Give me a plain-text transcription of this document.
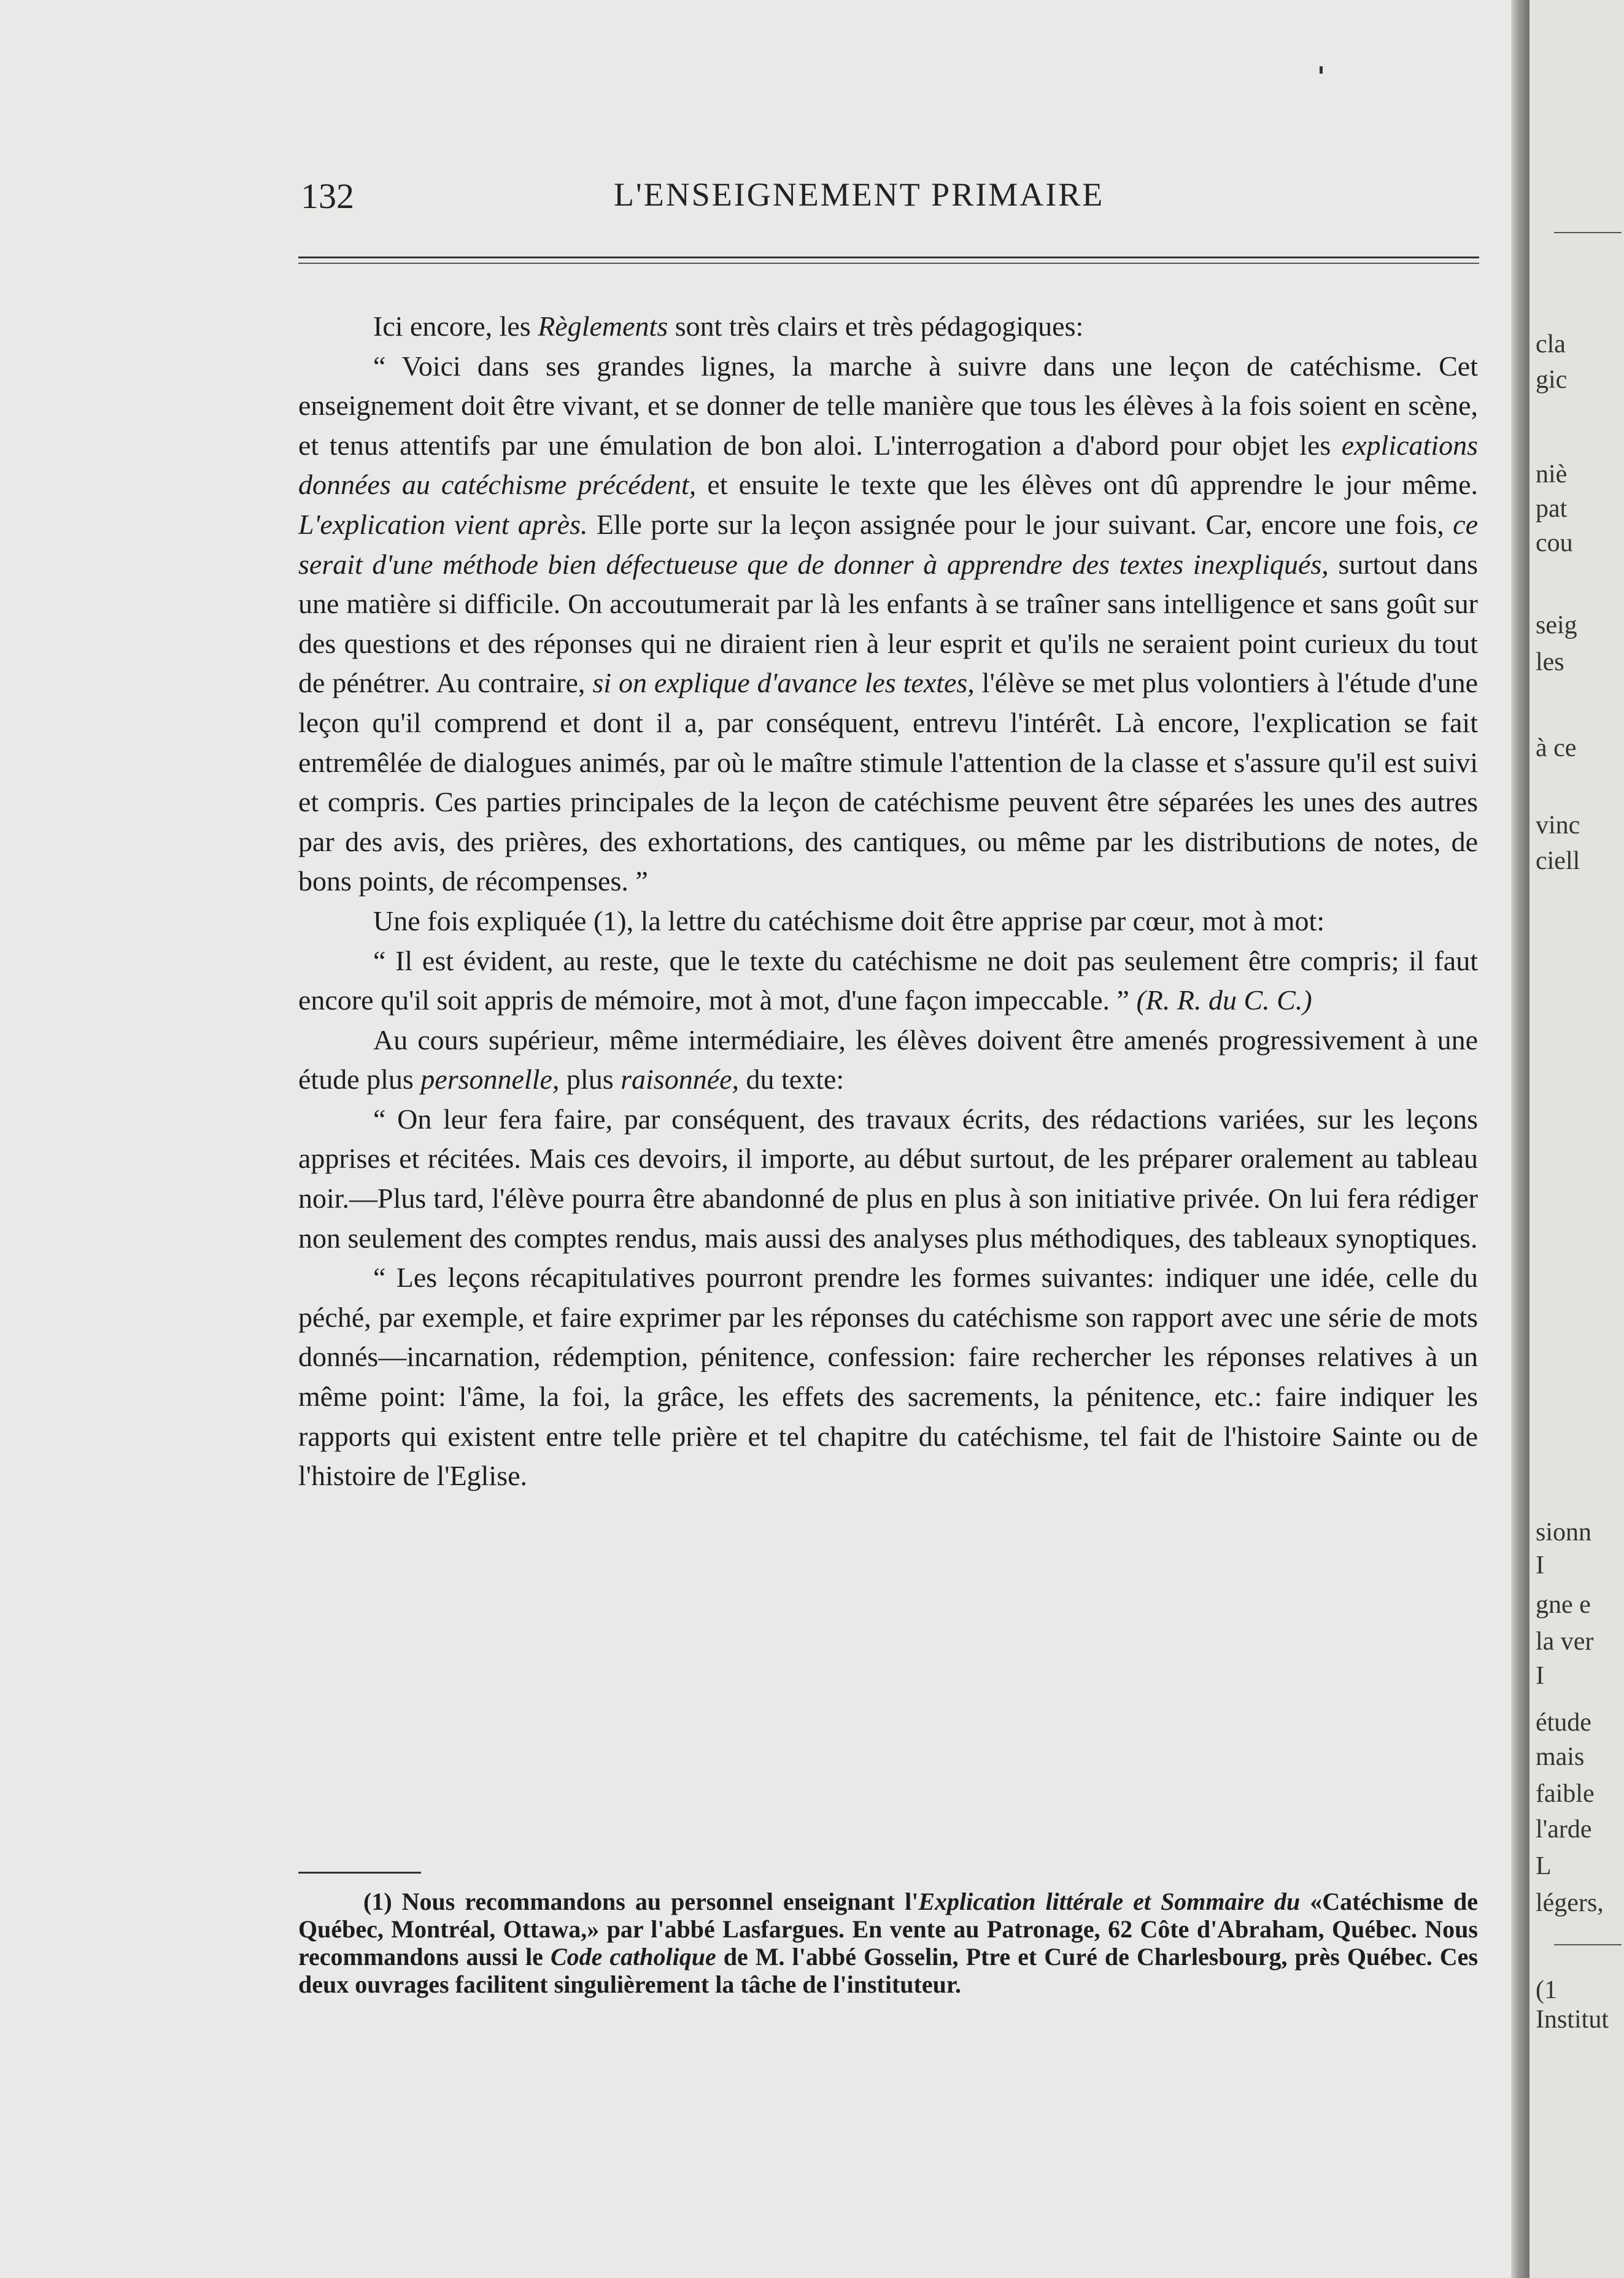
132	L'ENSEIGNEMENT PRIMAIRE

Ici encore, les Règlements sont très clairs et très pédagogiques:

“ Voici dans ses grandes lignes, la marche à suivre dans une leçon de catéchisme. Cet enseignement doit être vivant, et se donner de telle manière que tous les élèves à la fois soient en scène, et tenus attentifs par une émulation de bon aloi. L'interrogation a d'abord pour objet les explications données au catéchisme précédent, et ensuite le texte que les élèves ont dû apprendre le jour même. L'explication vient après. Elle porte sur la leçon assignée pour le jour suivant. Car, encore une fois, ce serait d'une méthode bien défectueuse que de donner à apprendre des textes inexpliqués, surtout dans une matière si difficile. On accoutumerait par là les enfants à se traîner sans intelligence et sans goût sur des questions et des réponses qui ne diraient rien à leur esprit et qu'ils ne seraient point curieux du tout de pénétrer. Au contraire, si on explique d'avance les textes, l'élève se met plus volontiers à l'étude d'une leçon qu'il comprend et dont il a, par conséquent, entrevu l'intérêt. Là encore, l'explication se fait entremêlée de dialogues animés, par où le maître stimule l'attention de la classe et s'assure qu'il est suivi et compris. Ces parties principales de la leçon de catéchisme peuvent être séparées les unes des autres par des avis, des prières, des exhortations, des cantiques, ou même par les distributions de notes, de bons points, de récompenses. ”

Une fois expliquée (1), la lettre du catéchisme doit être apprise par cœur, mot à mot:

“ Il est évident, au reste, que le texte du catéchisme ne doit pas seulement être compris; il faut encore qu'il soit appris de mémoire, mot à mot, d'une façon impeccable. ” (R. R. du C. C.)

Au cours supérieur, même intermédiaire, les élèves doivent être amenés progressivement à une étude plus personnelle, plus raisonnée, du texte:

“ On leur fera faire, par conséquent, des travaux écrits, des rédactions variées, sur les leçons apprises et récitées. Mais ces devoirs, il importe, au début surtout, de les préparer oralement au tableau noir.—Plus tard, l'élève pourra être abandonné de plus en plus à son initiative privée. On lui fera rédiger non seulement des comptes rendus, mais aussi des analyses plus méthodiques, des tableaux synoptiques.

“ Les leçons récapitulatives pourront prendre les formes suivantes: indiquer une idée, celle du péché, par exemple, et faire exprimer par les réponses du catéchisme son rapport avec une série de mots donnés—incarnation, rédemption, pénitence, confession: faire rechercher les réponses relatives à un même point: l'âme, la foi, la grâce, les effets des sacrements, la pénitence, etc.: faire indiquer les rapports qui existent entre telle prière et tel chapitre du catéchisme, tel fait de l'histoire Sainte ou de l'histoire de l'Eglise.

(1) Nous recommandons au personnel enseignant l'Explication littérale et Sommaire du «Catéchisme de Québec, Montréal, Ottawa,» par l'abbé Lasfargues. En vente au Patronage, 62 Côte d'Abraham, Québec. Nous recommandons aussi le Code catholique de M. l'abbé Gosselin, Ptre et Curé de Charlesbourg, près Québec. Ces deux ouvrages facilitent singulièrement la tâche de l'instituteur.

cla
gic
niè
pat
cou
seig
les
à ce
vinc
ciell
sionn
I
gne e
la ver
I
étude
mais
faible
l'arde
L
légers,
(1
Institut
